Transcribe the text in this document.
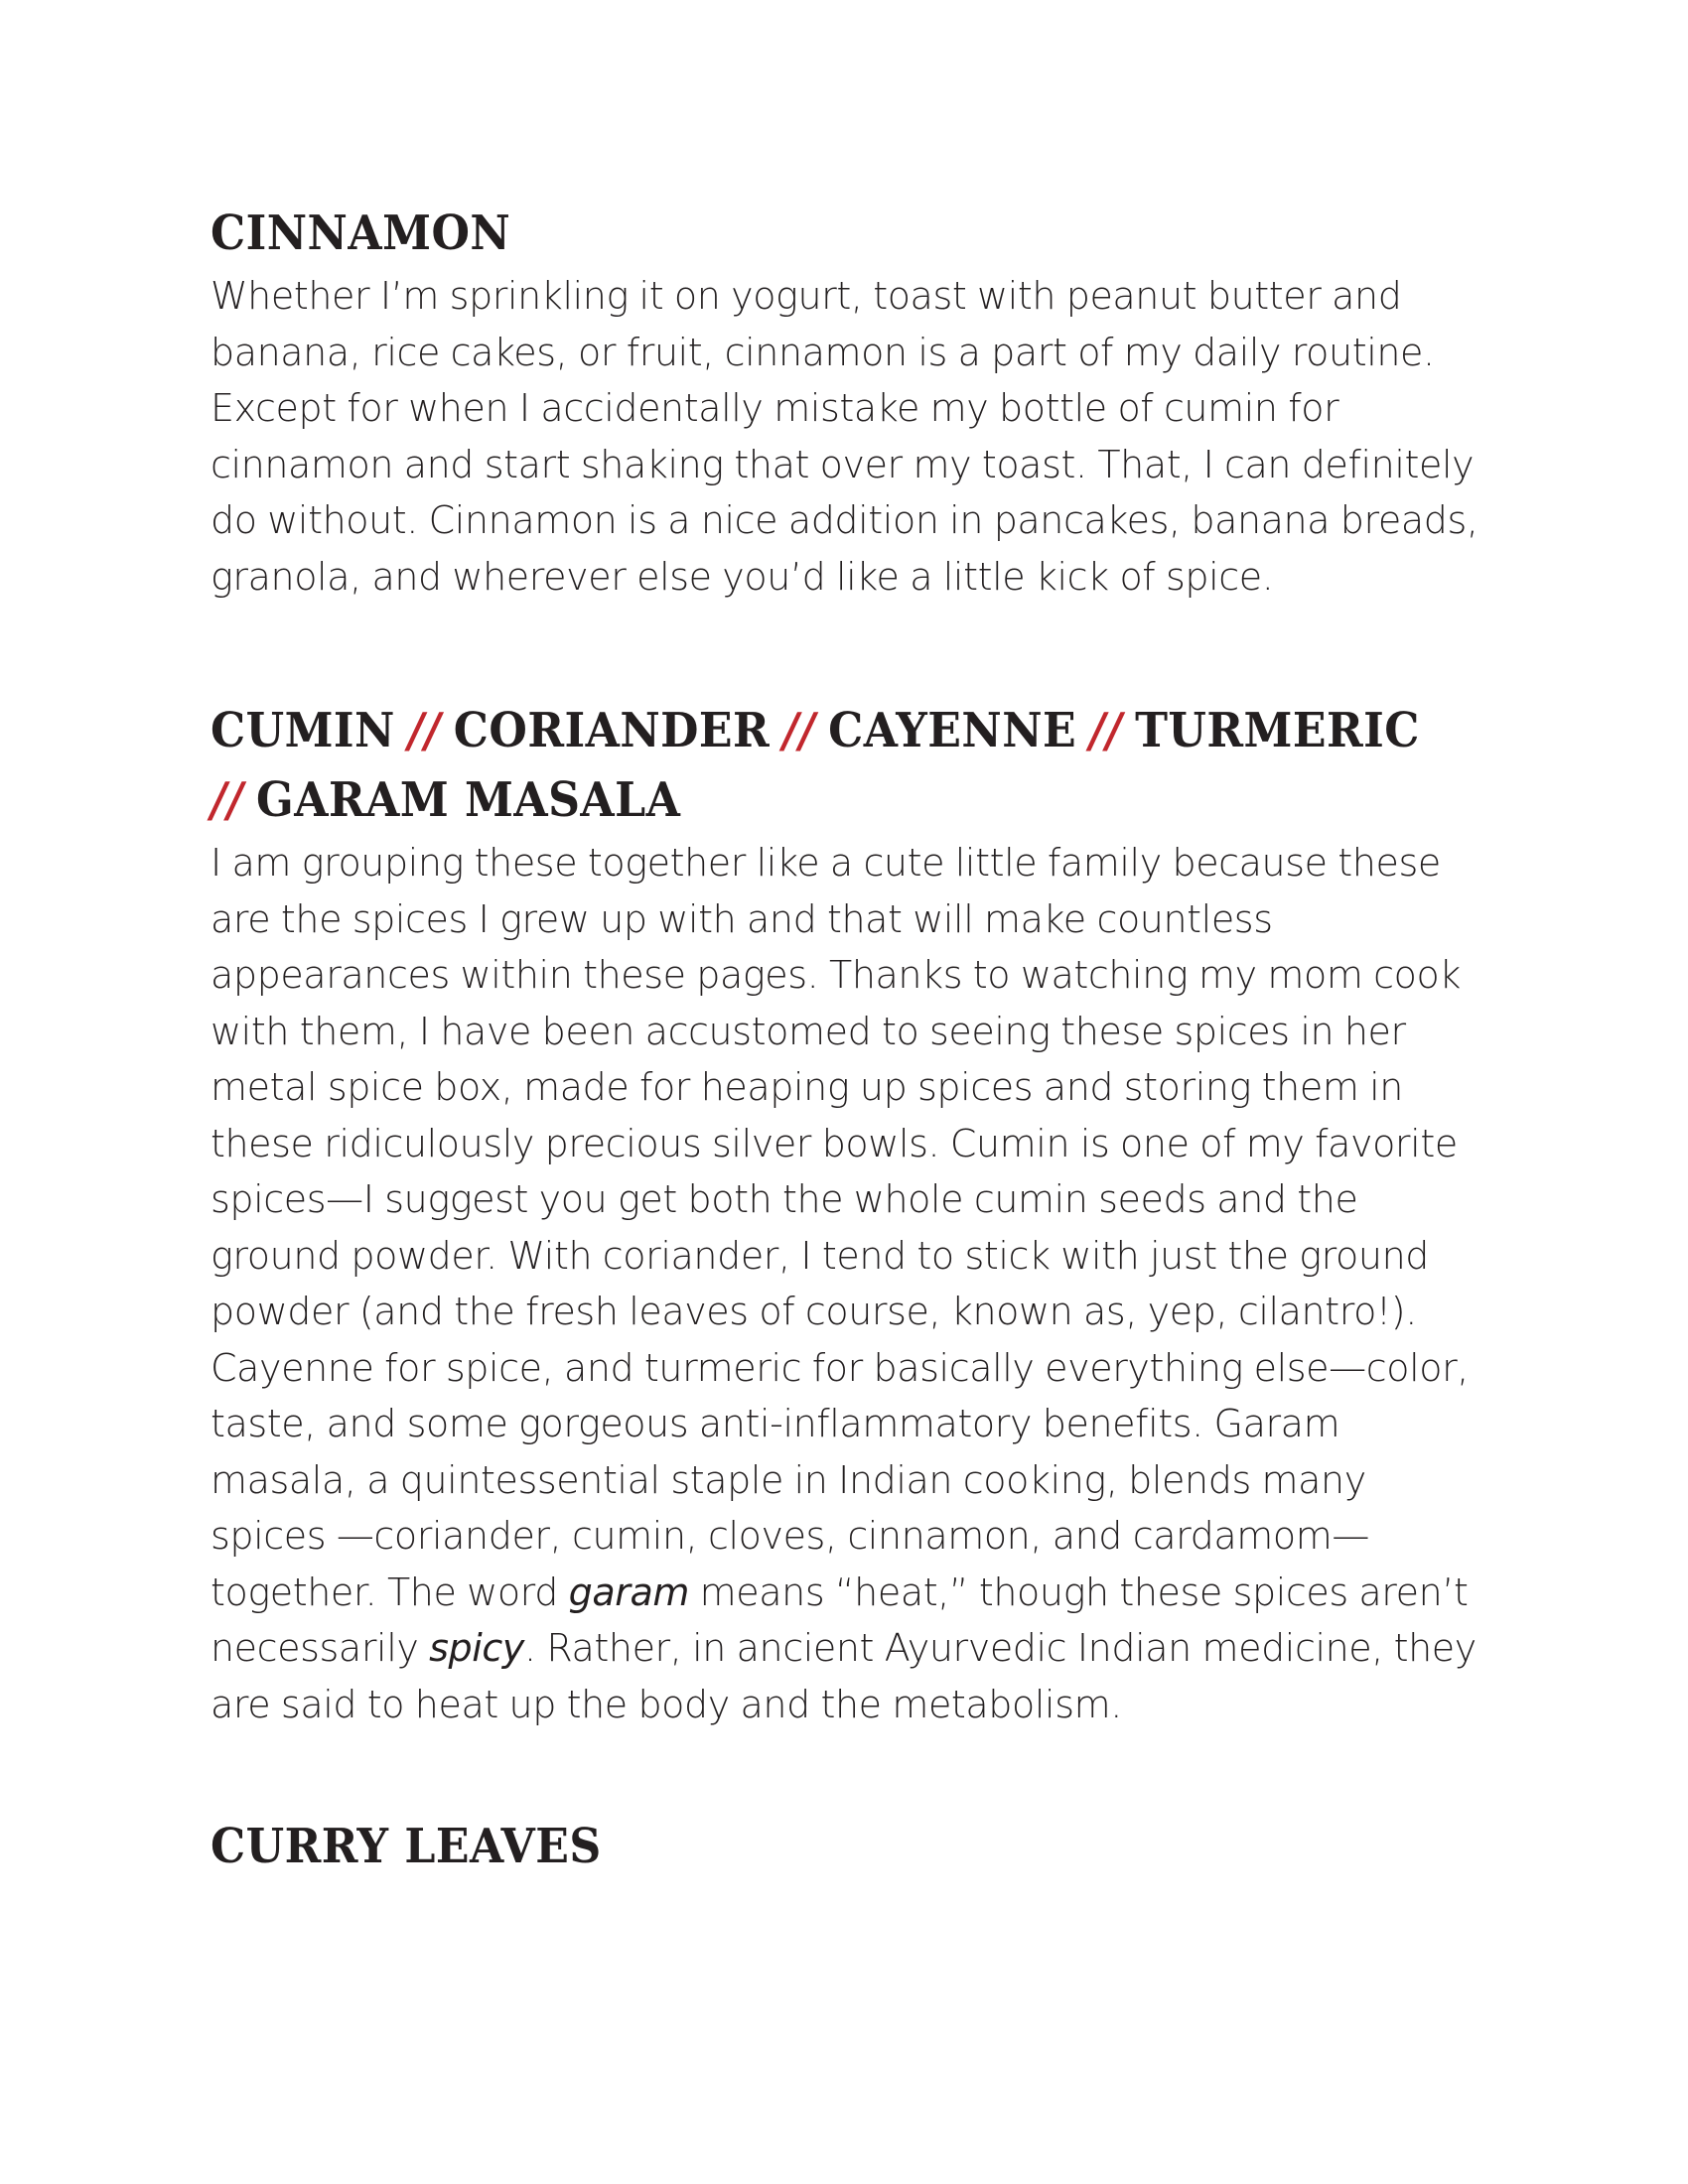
CINNAMON

Whether I’m sprinkling it on yogurt, toast with peanut butter and banana, rice cakes, or fruit, cinnamon is a part of my daily routine. Except for when I accidentally mistake my bottle of cumin for cinnamon and start shaking that over my toast. That, I can definitely do without. Cinnamon is a nice addition in pancakes, banana breads, granola, and wherever else you’d like a little kick of spice.

CUMIN // CORIANDER // CAYENNE // TURMERIC
// GARAM MASALA

I am grouping these together like a cute little family because these are the spices I grew up with and that will make countless appearances within these pages. Thanks to watching my mom cook with them, I have been accustomed to seeing these spices in her metal spice box, made for heaping up spices and storing them in these ridiculously precious silver bowls. Cumin is one of my favorite spices—I suggest you get both the whole cumin seeds and the ground powder. With coriander, I tend to stick with just the ground powder (and the fresh leaves of course, known as, yep, cilantro!). Cayenne for spice, and turmeric for basically everything else—color, taste, and some gorgeous anti-inflammatory benefits. Garam masala, a quintessential staple in Indian cooking, blends many spices —coriander, cumin, cloves, cinnamon, and cardamom—together. The word garam means “heat,” though these spices aren’t necessarily spicy. Rather, in ancient Ayurvedic Indian medicine, they are said to heat up the body and the metabolism.

CURRY LEAVES
